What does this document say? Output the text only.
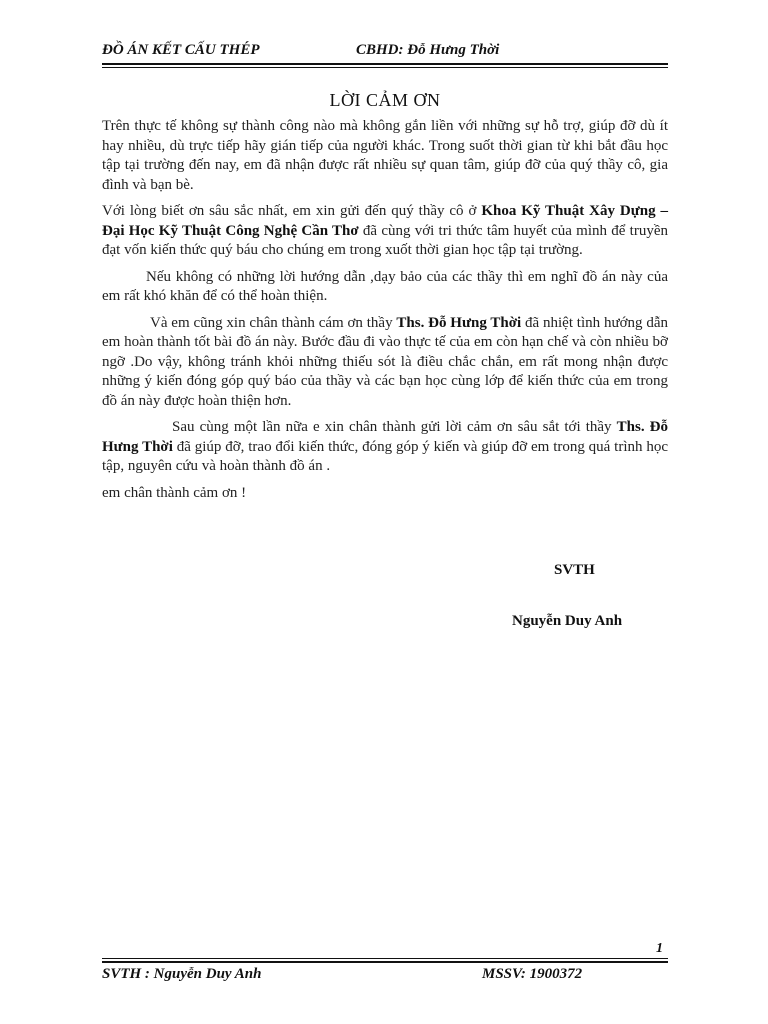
ĐỒ ÁN KẾT CẤU THÉP	CBHD: Đỗ Hưng Thời
LỜI CẢM ƠN

Trên thực tế không sự thành công nào mà không gắn liền với những sự hỗ trợ, giúp đỡ dù ít hay nhiều, dù trực tiếp hãy gián tiếp của người khác. Trong suốt thời gian từ khi bắt đầu học tập tại trường đến nay, em đã nhận được rất nhiều sự quan tâm, giúp đỡ của quý thầy cô, gia đình và bạn bè.

Với lòng biết ơn sâu sắc nhất, em xin gửi đến quý thầy cô ở Khoa Kỹ Thuật Xây Dựng – Đại Học Kỹ Thuật Công Nghệ Cần Thơ đã cùng với tri thức tâm huyết của mình để truyền đạt vốn kiến thức quý báu cho chúng em trong xuốt thời gian học tập tại trường.

Nếu không có những lời hướng dẫn ,dạy bảo của các thầy thì em nghĩ đồ án này của em rất khó khăn để có thể hoàn thiện.

Và em cũng xin chân thành cám ơn thầy Ths. Đỗ Hưng Thời đã nhiệt tình hướng dẫn em hoàn thành tốt bài đồ án này. Bước đầu đi vào thực tế của em còn hạn chế và còn nhiều bỡ ngỡ .Do vậy, không tránh khỏi những thiếu sót là điều chắc chắn, em rất mong nhận được những ý kiến đóng góp quý báo của thầy và các bạn học cùng lớp để kiến thức của em trong đồ án này được hoàn thiện hơn.

Sau cùng một lần nữa e xin chân thành gửi lời cảm ơn sâu sắt tới thầy Ths. Đỗ Hưng Thời đã giúp đỡ, trao đổi kiến thức, đóng góp ý kiến và giúp đỡ em trong quá trình học tập, nguyên cứu và hoàn thành đồ án .

em chân thành cảm ơn !

SVTH
Nguyễn Duy Anh
1
SVTH : Nguyễn Duy Anh	MSSV: 1900372
